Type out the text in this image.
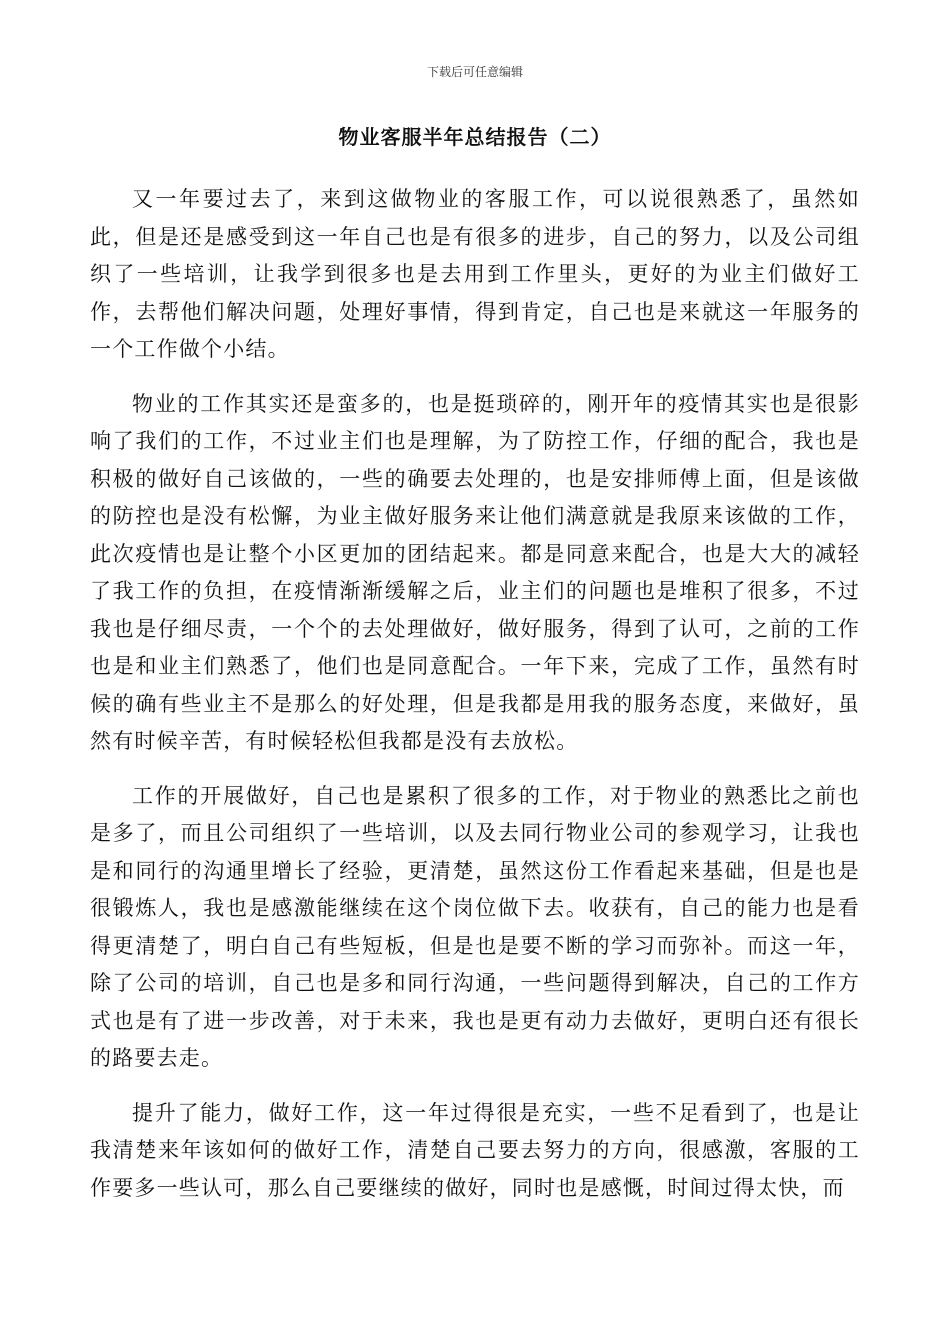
下载后可任意编辑
物业客服半年总结报告（二）

又一年要过去了，来到这做物业的客服工作，可以说很熟悉了，虽然如此，但是还是感受到这一年自己也是有很多的进步，自己的努力，以及公司组织了一些培训，让我学到很多也是去用到工作里头，更好的为业主们做好工作，去帮他们解决问题，处理好事情，得到肯定，自己也是来就这一年服务的一个工作做个小结。

物业的工作其实还是蛮多的，也是挺琐碎的，刚开年的疫情其实也是很影响了我们的工作，不过业主们也是理解，为了防控工作，仔细的配合，我也是积极的做好自己该做的，一些的确要去处理的，也是安排师傅上面，但是该做的防控也是没有松懈，为业主做好服务来让他们满意就是我原来该做的工作，此次疫情也是让整个小区更加的团结起来。都是同意来配合，也是大大的减轻了我工作的负担，在疫情渐渐缓解之后，业主们的问题也是堆积了很多，不过我也是仔细尽责，一个个的去处理做好，做好服务，得到了认可，之前的工作也是和业主们熟悉了，他们也是同意配合。一年下来，完成了工作，虽然有时候的确有些业主不是那么的好处理，但是我都是用我的服务态度，来做好，虽然有时候辛苦，有时候轻松但我都是没有去放松。

工作的开展做好，自己也是累积了很多的工作，对于物业的熟悉比之前也是多了，而且公司组织了一些培训，以及去同行物业公司的参观学习，让我也是和同行的沟通里增长了经验，更清楚，虽然这份工作看起来基础，但是也是很锻炼人，我也是感激能继续在这个岗位做下去。收获有，自己的能力也是看得更清楚了，明白自己有些短板，但是也是要不断的学习而弥补。而这一年，除了公司的培训，自己也是多和同行沟通，一些问题得到解决，自己的工作方式也是有了进一步改善，对于未来，我也是更有动力去做好，更明白还有很长的路要去走。

提升了能力，做好工作，这一年过得很是充实，一些不足看到了，也是让我清楚来年该如何的做好工作，清楚自己要去努力的方向，很感激，客服的工作要多一些认可，那么自己要继续的做好，同时也是感慨，时间过得太快，而
